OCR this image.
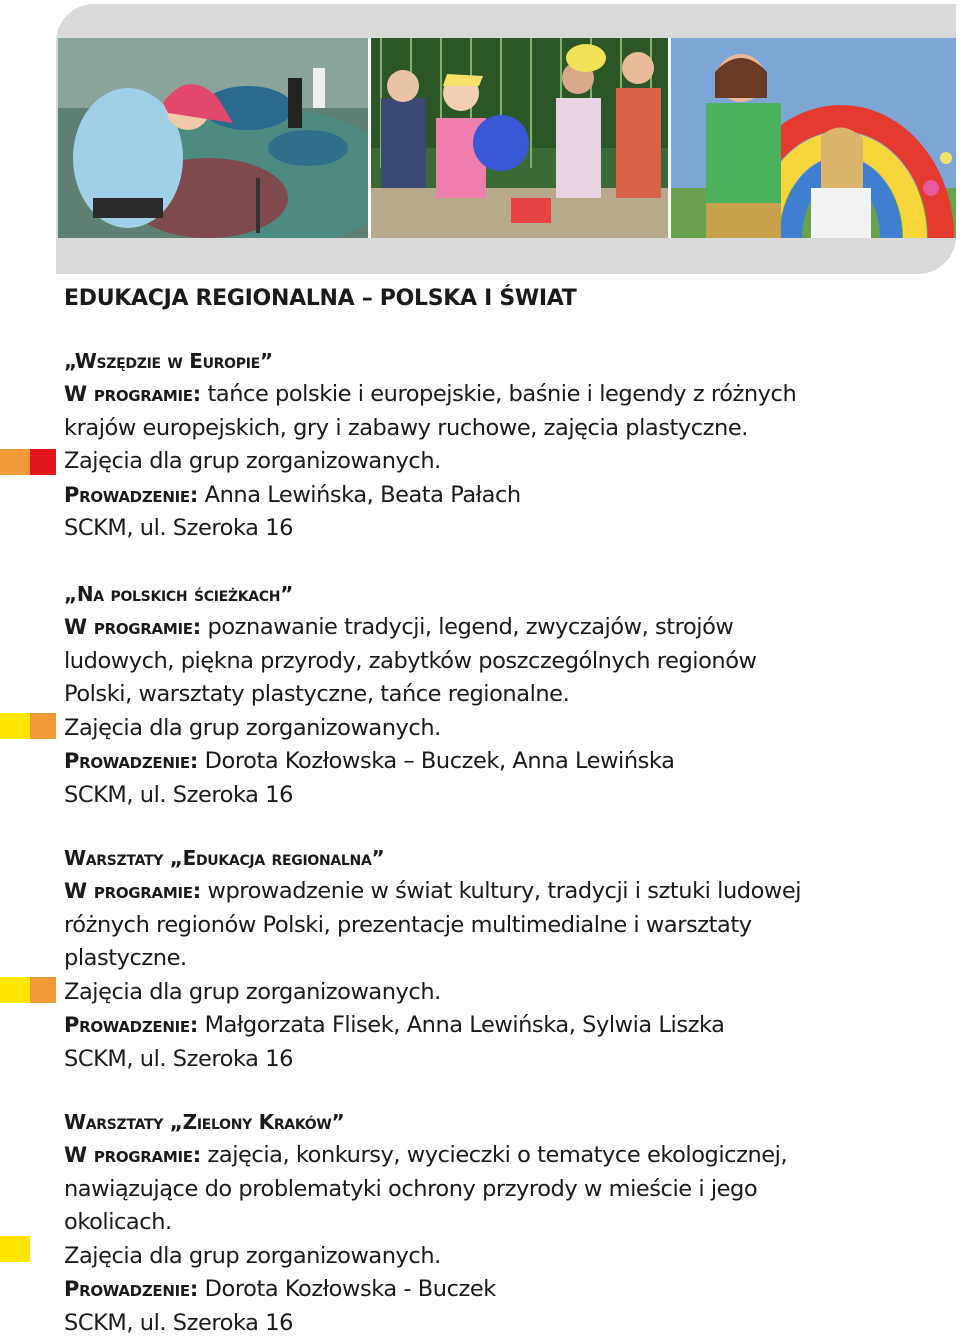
EDUKACJA REGIONALNA – POLSKA I ŚWIAT
„Wszędzie w Europie”
W programie: tańce polskie i europejskie, baśnie i legendy z różnych
krajów europejskich, gry i zabawy ruchowe, zajęcia plastyczne.
Zajęcia dla grup zorganizowanych.
Prowadzenie: Anna Lewińska, Beata Pałach
SCKM, ul. Szeroka 16
„Na polskich ścieżkach”
W programie: poznawanie tradycji, legend, zwyczajów, strojów
ludowych, piękna przyrody, zabytków poszczególnych regionów
Polski, warsztaty plastyczne, tańce regionalne.
Zajęcia dla grup zorganizowanych.
Prowadzenie: Dorota Kozłowska – Buczek, Anna Lewińska
SCKM, ul. Szeroka 16
Warsztaty „Edukacja regionalna”
W programie: wprowadzenie w świat kultury, tradycji i sztuki ludowej
różnych regionów Polski, prezentacje multimedialne i warsztaty
plastyczne.
Zajęcia dla grup zorganizowanych.
Prowadzenie: Małgorzata Flisek, Anna Lewińska, Sylwia Liszka
SCKM, ul. Szeroka 16
Warsztaty „Zielony Kraków”
W programie: zajęcia, konkursy, wycieczki o tematyce ekologicznej,
nawiązujące do problematyki ochrony przyrody w mieście i jego
okolicach.
Zajęcia dla grup zorganizowanych.
Prowadzenie: Dorota Kozłowska - Buczek
SCKM, ul. Szeroka 16
